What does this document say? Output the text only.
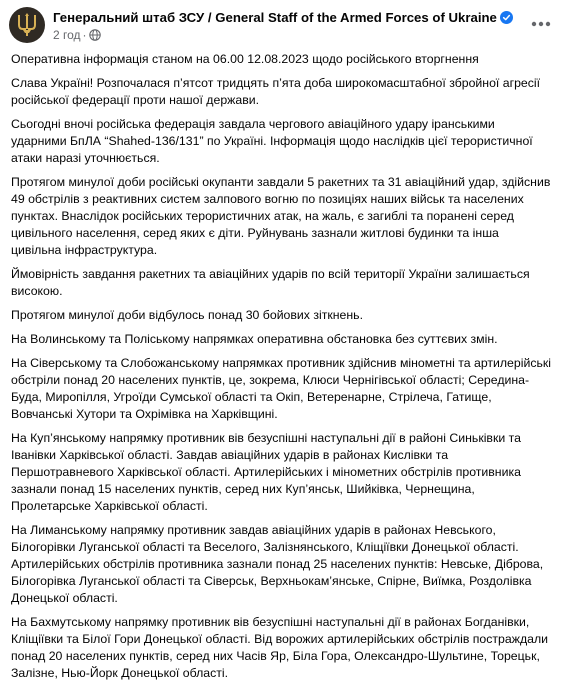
Генеральний штаб ЗСУ / General Staff of the Armed Forces of Ukraine
2 год ·

Оперативна інформація станом на 06.00 12.08.2023 щодо російського вторгнення

Слава Україні! Розпочалася п’ятсот тридцять п’ята доба широкомасштабної збройної агресії російської федерації проти нашої держави.

Сьогодні вночі російська федерація завдала чергового авіаційного удару іранськими ударними БпЛА “Shahed-136/131” по Україні. Інформація щодо наслідків цієї терористичної атаки наразі уточнюється.

Протягом минулої доби російські окупанти завдали 5 ракетних та 31 авіаційний удар, здійснив 49 обстрілів з реактивних систем залпового вогню по позиціях наших військ та населених пунктах. Внаслідок російських терористичних атак, на жаль, є загиблі та поранені серед цивільного населення, серед яких є діти. Руйнувань зазнали житлові будинки та інша цивільна інфраструктура.

Ймовірність завдання ракетних та авіаційних ударів по всій території України залишається високою.

Протягом минулої доби відбулось понад 30 бойових зіткнень.

На Волинському та Поліському напрямках оперативна обстановка без суттєвих змін.

На Сіверському та Слобожанському напрямках противник здійснив мінометні та артилерійські обстріли понад 20 населених пунктів, це, зокрема, Клюси Чернігівської області; Середина-Буда, Миропілля, Угроїди Сумської області та Окіп, Ветеренарне, Стрілеча, Гатище, Вовчанські Хутори та Охрімівка на Харківщині.

На Куп’янському напрямку противник вів безуспішні наступальні дії в районі Синьківки та Іванівки Харківської області. Завдав авіаційних ударів в районах Кислівки та Першотравневого Харківської області. Артилерійських і мінометних обстрілів противника зазнали понад 15 населених пунктів, серед них Куп’янськ, Шийківка, Чернещина, Пролетарське Харківської області.

На Лиманському напрямку противник завдав авіаційних ударів в районах Невського, Білогорівки Луганської області та Веселого, Залізнянського, Кліщіївки Донецької області. Артилерійських обстрілів противника зазнали понад 25 населених пунктів: Невське, Діброва, Білогорівка Луганської області та Сіверськ, Верхньокам’янське, Спірне, Виїмка, Роздолівка Донецької області.

На Бахмутському напрямку противник вів безуспішні наступальні дії в районах Богданівки, Кліщіївки та Білої Гори Донецької області. Від ворожих артилерійських обстрілів постраждали понад 20 населених пунктів, серед них Часів Яр, Біла Гора, Олександро-Шультине, Торецьк, Залізне, Нью-Йорк Донецької області.
